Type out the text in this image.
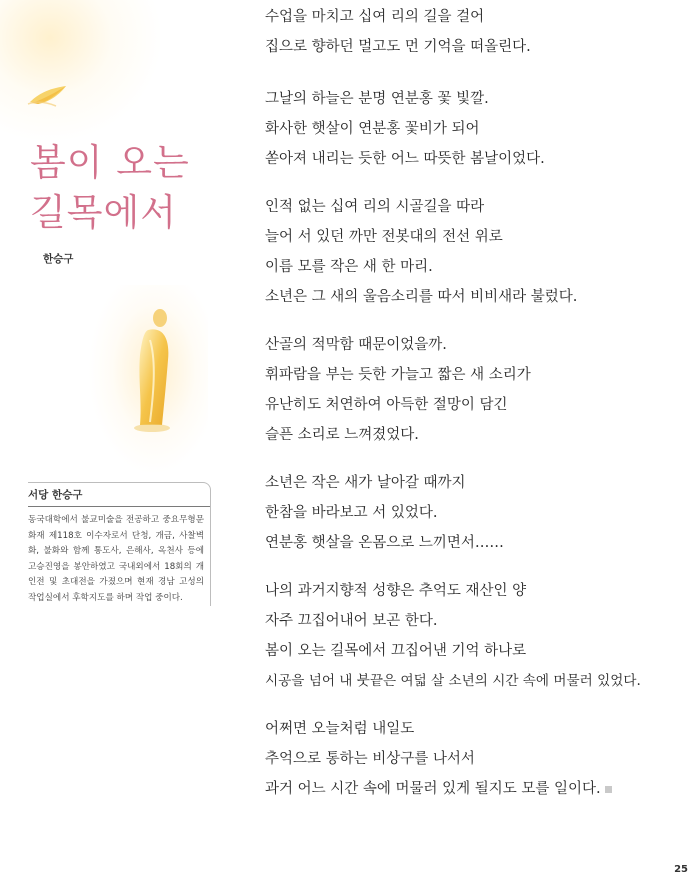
봄이 오는
길목에서
한승구
서당 한승구
동국대학에서 불교미술을 전공하고 중요무형문화재 제118호 이수자로서 단청, 개금, 사찰벽화, 불화와 함께 통도사, 은해사, 옥천사 등에 고승진영을 봉안하였고 국내외에서 18회의 개인전 및 초대전을 가졌으며 현재 경남 고성의 작업실에서 후학지도를 하며 작업 중이다.
수업을 마치고 십여 리의 길을 걸어
집으로 향하던 멀고도 먼 기억을 떠올린다.
그날의 하늘은 분명 연분홍 꽃 빛깔.
화사한 햇살이 연분홍 꽃비가 되어
쏟아져 내리는 듯한 어느 따뜻한 봄날이었다.
인적 없는 십여 리의 시골길을 따라
늘어 서 있던 까만 전봇대의 전선 위로
이름 모를 작은 새 한 마리.
소년은 그 새의 울음소리를 따서 비비새라 불렀다.
산골의 적막함 때문이었을까.
휘파람을 부는 듯한 가늘고 짧은 새 소리가
유난히도 처연하여 아득한 절망이 담긴
슬픈 소리로 느껴졌었다.
소년은 작은 새가 날아갈 때까지
한참을 바라보고 서 있었다.
연분홍 햇살을 온몸으로 느끼면서……
나의 과거지향적 성향은 추억도 재산인 양
자주 끄집어내어 보곤 한다.
봄이 오는 길목에서 끄집어낸 기억 하나로
시공을 넘어 내 붓끝은 여덟 살 소년의 시간 속에 머물러 있었다.
어쩌면 오늘처럼 내일도
추억으로 통하는 비상구를 나서서
과거 어느 시간 속에 머물러 있게 될지도 모를 일이다.
25
